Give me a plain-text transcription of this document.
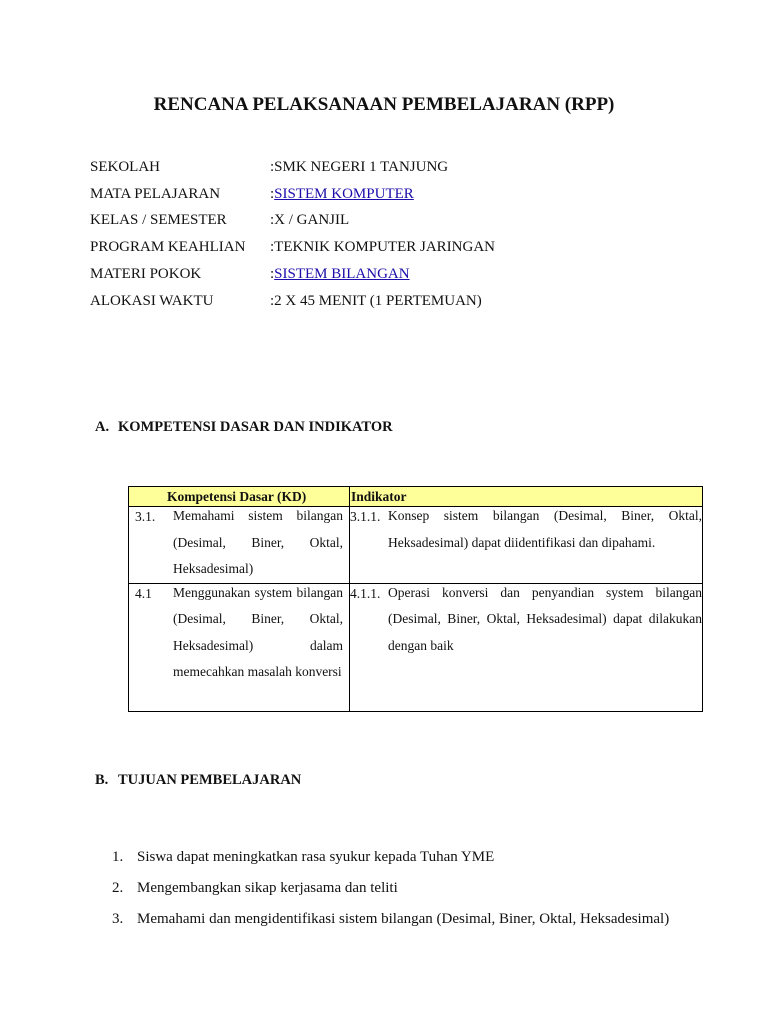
RENCANA PELAKSANAAN PEMBELAJARAN (RPP)
SEKOLAH	: SMK NEGERI 1 TANJUNG
MATA PELAJARAN	: SISTEM KOMPUTER
KELAS / SEMESTER	: X / GANJIL
PROGRAM KEAHLIAN	: TEKNIK KOMPUTER JARINGAN
MATERI POKOK	: SISTEM BILANGAN
ALOKASI WAKTU	: 2 X 45 MENIT (1 PERTEMUAN)
A. KOMPETENSI DASAR DAN INDIKATOR
Kompetensi Dasar (KD)	Indikator

3.1. Memahami sistem bilangan (Desimal, Biner, Oktal, Heksadesimal)	3.1.1. Konsep sistem bilangan (Desimal, Biner, Oktal, Heksadesimal) dapat diidentifikasi dan dipahami.

4.1 Menggunakan system bilangan (Desimal, Biner, Oktal, Heksadesimal) dalam memecahkan masalah konversi	4.1.1. Operasi konversi dan penyandian system bilangan (Desimal, Biner, Oktal, Heksadesimal) dapat dilakukan dengan baik
B. TUJUAN PEMBELAJARAN
1. Siswa dapat meningkatkan rasa syukur kepada Tuhan YME
2. Mengembangkan sikap kerjasama dan teliti
3. Memahami dan mengidentifikasi sistem bilangan (Desimal, Biner, Oktal, Heksadesimal)
